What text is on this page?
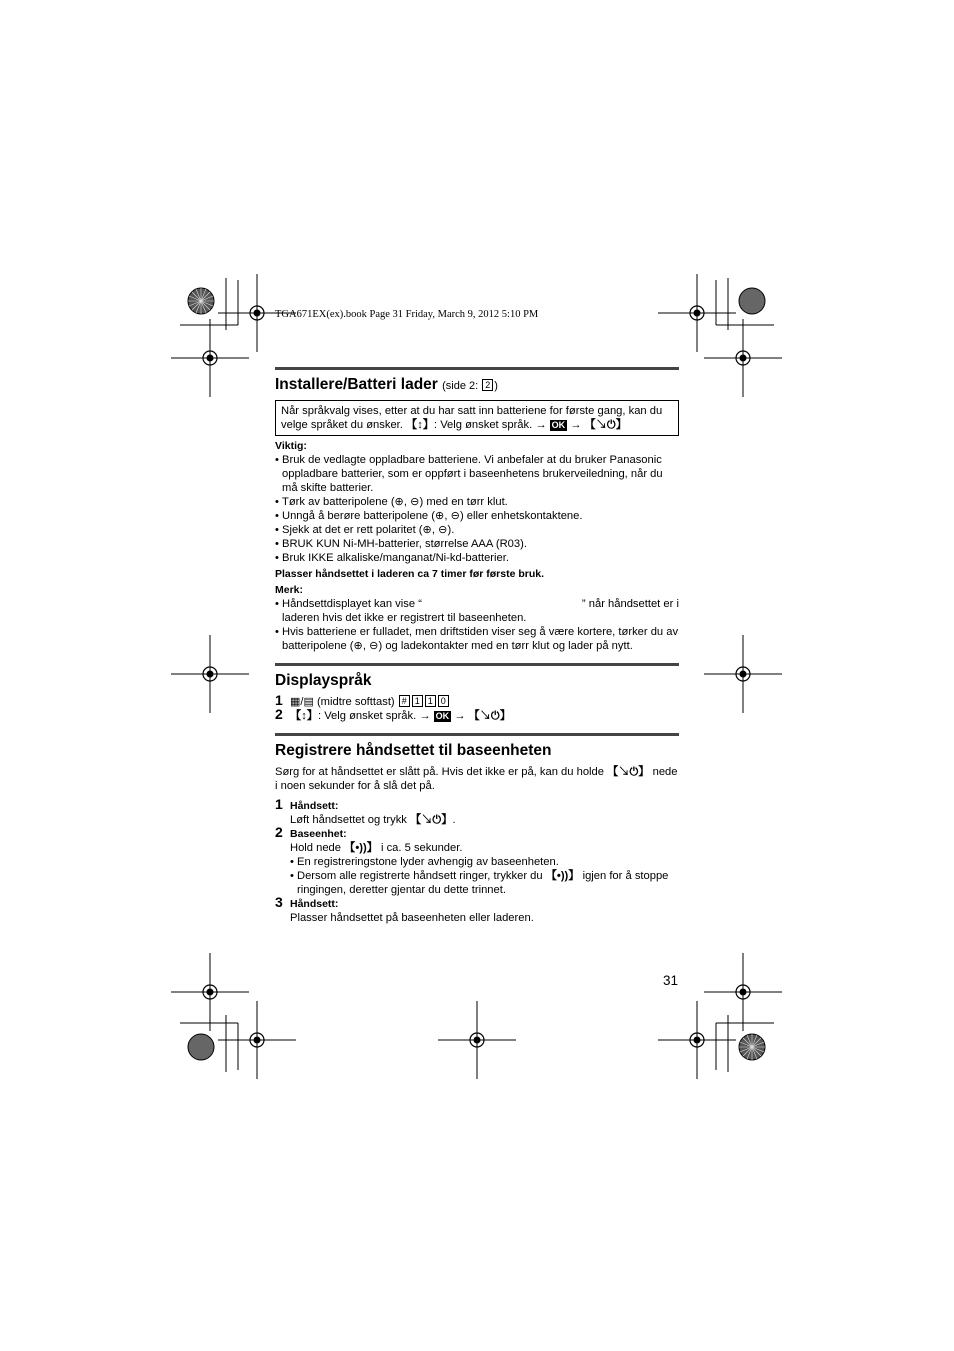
TGA671EX(ex).book Page 31 Friday, March 9, 2012 5:10 PM
Installere/Batteri lader (side 2: 2 )
Når språkvalg vises, etter at du har satt inn batteriene for første gang, kan du velge språket du ønsker. 【↕】: Velg ønsket språk. → OK → 【↘⏻】
Viktig:
• Bruk de vedlagte oppladbare batteriene. Vi anbefaler at du bruker Panasonic oppladbare batterier, som er oppført i baseenhetens brukerveiledning, når du må skifte batterier.
• Tørk av batteripolene (⊕, ⊖) med en tørr klut.
• Unngå å berøre batteripolene (⊕, ⊖) eller enhetskontaktene.
• Sjekk at det er rett polaritet (⊕, ⊖).
• BRUK KUN Ni-MH-batterier, størrelse AAA (R03).
• Bruk IKKE alkaliske/manganat/Ni-kd-batterier.
Plasser håndsettet i laderen ca 7 timer før første bruk.
Merk:
• Håndsettdisplayet kan vise “	” når håndsettet er i laderen hvis det ikke er registrert til baseenheten.
• Hvis batteriene er fulladet, men driftstiden viser seg å være kortere, tørker du av batteripolene (⊕, ⊖) og ladekontakter med en tørr klut og lader på nytt.
Displayspråk
1 ▦/▤ (midtre softtast) # 1 1 0
2 【↕】: Velg ønsket språk. → OK → 【↘⏻】
Registrere håndsettet til baseenheten
Sørg for at håndsettet er slått på. Hvis det ikke er på, kan du holde 【↘⏻】 nede i noen sekunder for å slå det på.
1 Håndsett:
Løft håndsettet og trykk 【↘⏻】.
2 Baseenhet:
Hold nede 【•))】 i ca. 5 sekunder.
• En registreringstone lyder avhengig av baseenheten.
• Dersom alle registrerte håndsett ringer, trykker du 【•))】 igjen for å stoppe ringingen, deretter gjentar du dette trinnet.
3 Håndsett:
Plasser håndsettet på baseenheten eller laderen.
31
